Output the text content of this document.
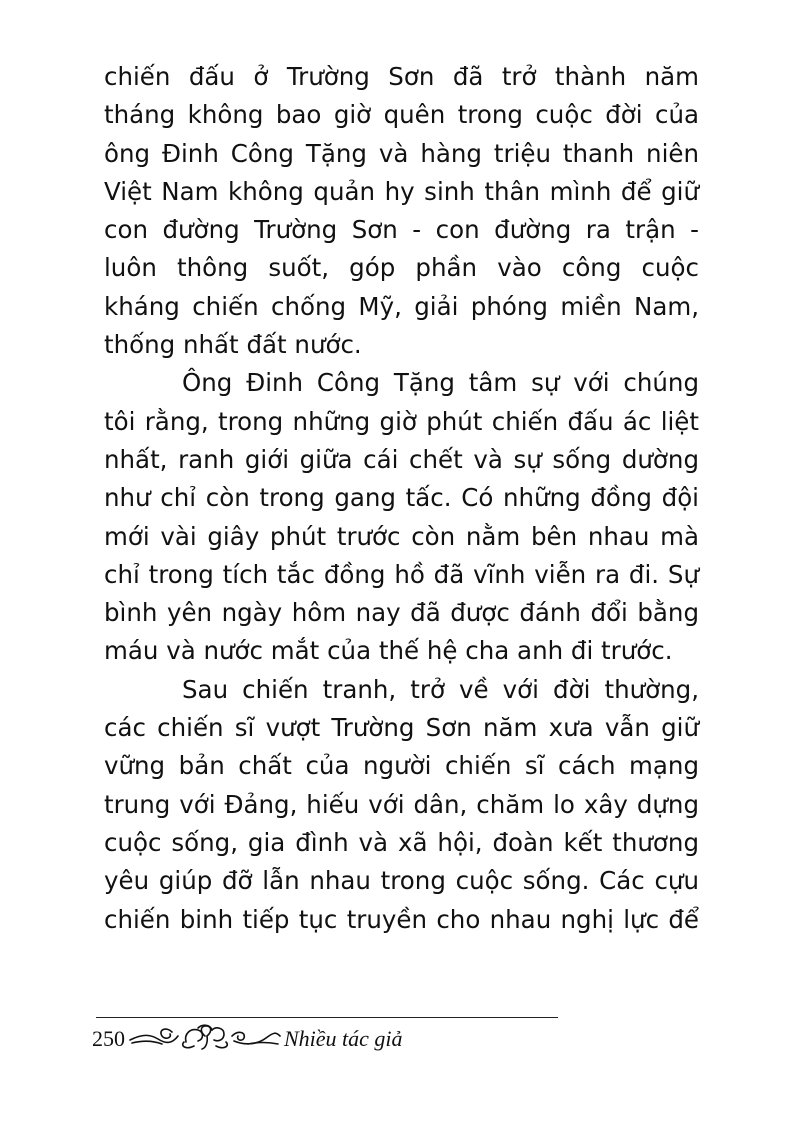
chiến đấu ở Trường Sơn đã trở thành năm
tháng không bao giờ quên trong cuộc đời của
ông Đinh Công Tặng và hàng triệu thanh niên
Việt Nam không quản hy sinh thân mình để giữ
con đường Trường Sơn - con đường ra trận -
luôn thông suốt, góp phần vào công cuộc
kháng chiến chống Mỹ, giải phóng miền Nam,
thống nhất đất nước.
Ông Đinh Công Tặng tâm sự với chúng
tôi rằng, trong những giờ phút chiến đấu ác liệt
nhất, ranh giới giữa cái chết và sự sống dường
như chỉ còn trong gang tấc. Có những đồng đội
mới vài giây phút trước còn nằm bên nhau mà
chỉ trong tích tắc đồng hồ đã vĩnh viễn ra đi. Sự
bình yên ngày hôm nay đã được đánh đổi bằng
máu và nước mắt của thế hệ cha anh đi trước.
Sau chiến tranh, trở về với đời thường,
các chiến sĩ vượt Trường Sơn năm xưa vẫn giữ
vững bản chất của người chiến sĩ cách mạng
trung với Đảng, hiếu với dân, chăm lo xây dựng
cuộc sống, gia đình và xã hội, đoàn kết thương
yêu giúp đỡ lẫn nhau trong cuộc sống. Các cựu
chiến binh tiếp tục truyền cho nhau nghị lực để
250	Nhiều tác giả
